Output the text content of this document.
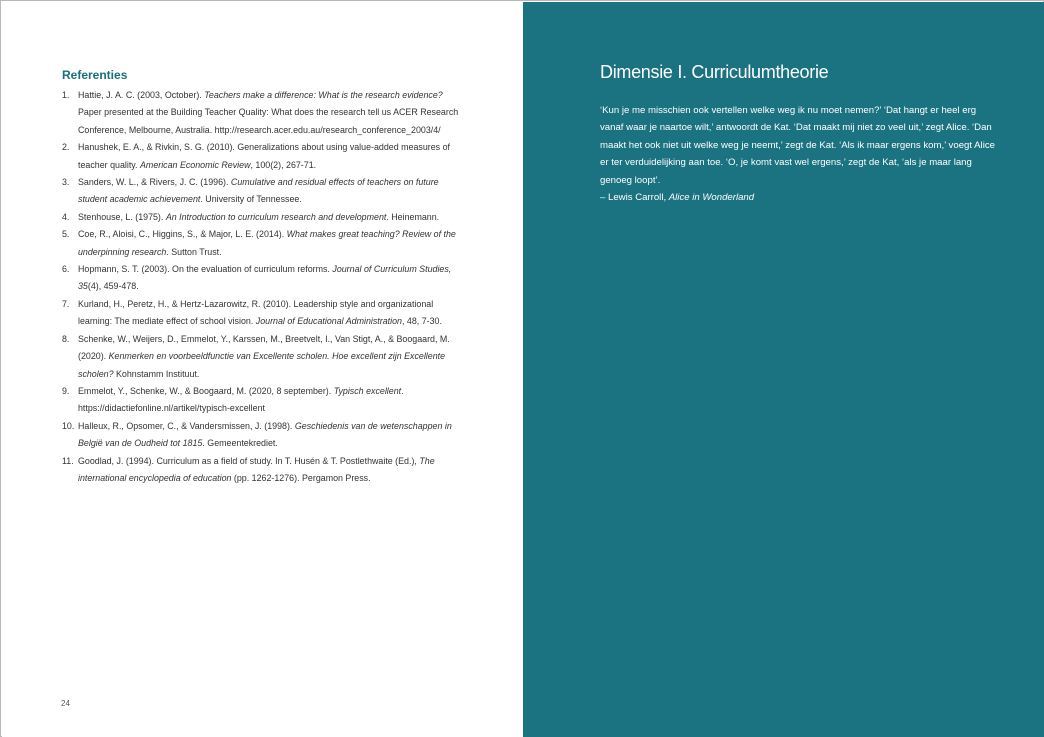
Referenties
1. Hattie, J. A. C. (2003, October). Teachers make a difference: What is the research evidence? Paper presented at the Building Teacher Quality: What does the research tell us ACER Research Conference, Melbourne, Australia. http://research.acer.edu.au/research_conference_2003/4/
2. Hanushek, E. A., & Rivkin, S. G. (2010). Generalizations about using value-added measures of teacher quality. American Economic Review, 100(2), 267-71.
3. Sanders, W. L., & Rivers, J. C. (1996). Cumulative and residual effects of teachers on future student academic achievement. University of Tennessee.
4. Stenhouse, L. (1975). An Introduction to curriculum research and development. Heinemann.
5. Coe, R., Aloisi, C., Higgins, S., & Major, L. E. (2014). What makes great teaching? Review of the underpinning research. Sutton Trust.
6. Hopmann, S. T. (2003). On the evaluation of curriculum reforms. Journal of Curriculum Studies, 35(4), 459-478.
7. Kurland, H., Peretz, H., & Hertz-Lazarowitz, R. (2010). Leadership style and organizational learning: The mediate effect of school vision. Journal of Educational Administration, 48, 7-30.
8. Schenke, W., Weijers, D., Emmelot, Y., Karssen, M., Breetvelt, I., Van Stigt, A., & Boogaard, M. (2020). Kenmerken en voorbeeldfunctie van Excellente scholen. Hoe excellent zijn Excellente scholen? Kohnstamm Instituut.
9. Emmelot, Y., Schenke, W., & Boogaard, M. (2020, 8 september). Typisch excellent. https://didactiefonline.nl/artikel/typisch-excellent
10. Halleux, R., Opsomer, C., & Vandersmissen, J. (1998). Geschiedenis van de wetenschappen in België van de Oudheid tot 1815. Gemeentekrediet.
11. Goodlad, J. (1994). Curriculum as a field of study. In T. Husén & T. Postlethwaite (Ed.), The international encyclopedia of education (pp. 1262-1276). Pergamon Press.
24
Dimensie I. Curriculumtheorie

‘Kun je me misschien ook vertellen welke weg ik nu moet nemen?’ ‘Dat hangt er heel erg vanaf waar je naartoe wilt,’ antwoordt de Kat. ‘Dat maakt mij niet zo veel uit,’ zegt Alice. ‘Dan maakt het ook niet uit welke weg je neemt,’ zegt de Kat. ‘Als ik maar ergens kom,’ voegt Alice er ter verduidelijking aan toe. ‘O, je komt vast wel ergens,’ zegt de Kat, ‘als je maar lang genoeg loopt’.

– Lewis Carroll, Alice in Wonderland
